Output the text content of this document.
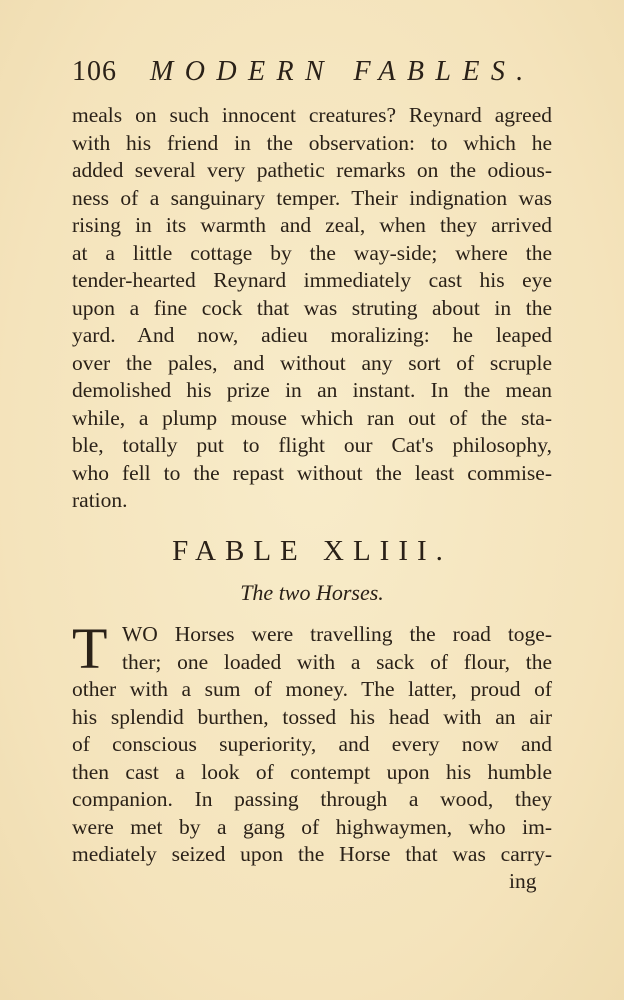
106 MODERN FABLES.
meals on such innocent creatures? Reynard agreed
with his friend in the observation: to which he
added several very pathetic remarks on the odious-
ness of a sanguinary temper. Their indignation was
rising in its warmth and zeal, when they arrived
at a little cottage by the way-side; where the
tender-hearted Reynard immediately cast his eye
upon a fine cock that was struting about in the
yard. And now, adieu moralizing: he leaped
over the pales, and without any sort of scruple
demolished his prize in an instant. In the mean
while, a plump mouse which ran out of the sta-
ble, totally put to flight our Cat's philosophy,
who fell to the repast without the least commise-
ration.
FABLE XLIII.
The two Horses.
T WO Horses were travelling the road toge-
ther; one loaded with a sack of flour, the
other with a sum of money. The latter, proud of
his splendid burthen, tossed his head with an air
of conscious superiority, and every now and
then cast a look of contempt upon his humble
companion. In passing through a wood, they
were met by a gang of highwaymen, who im-
mediately seized upon the Horse that was carry-
ing
